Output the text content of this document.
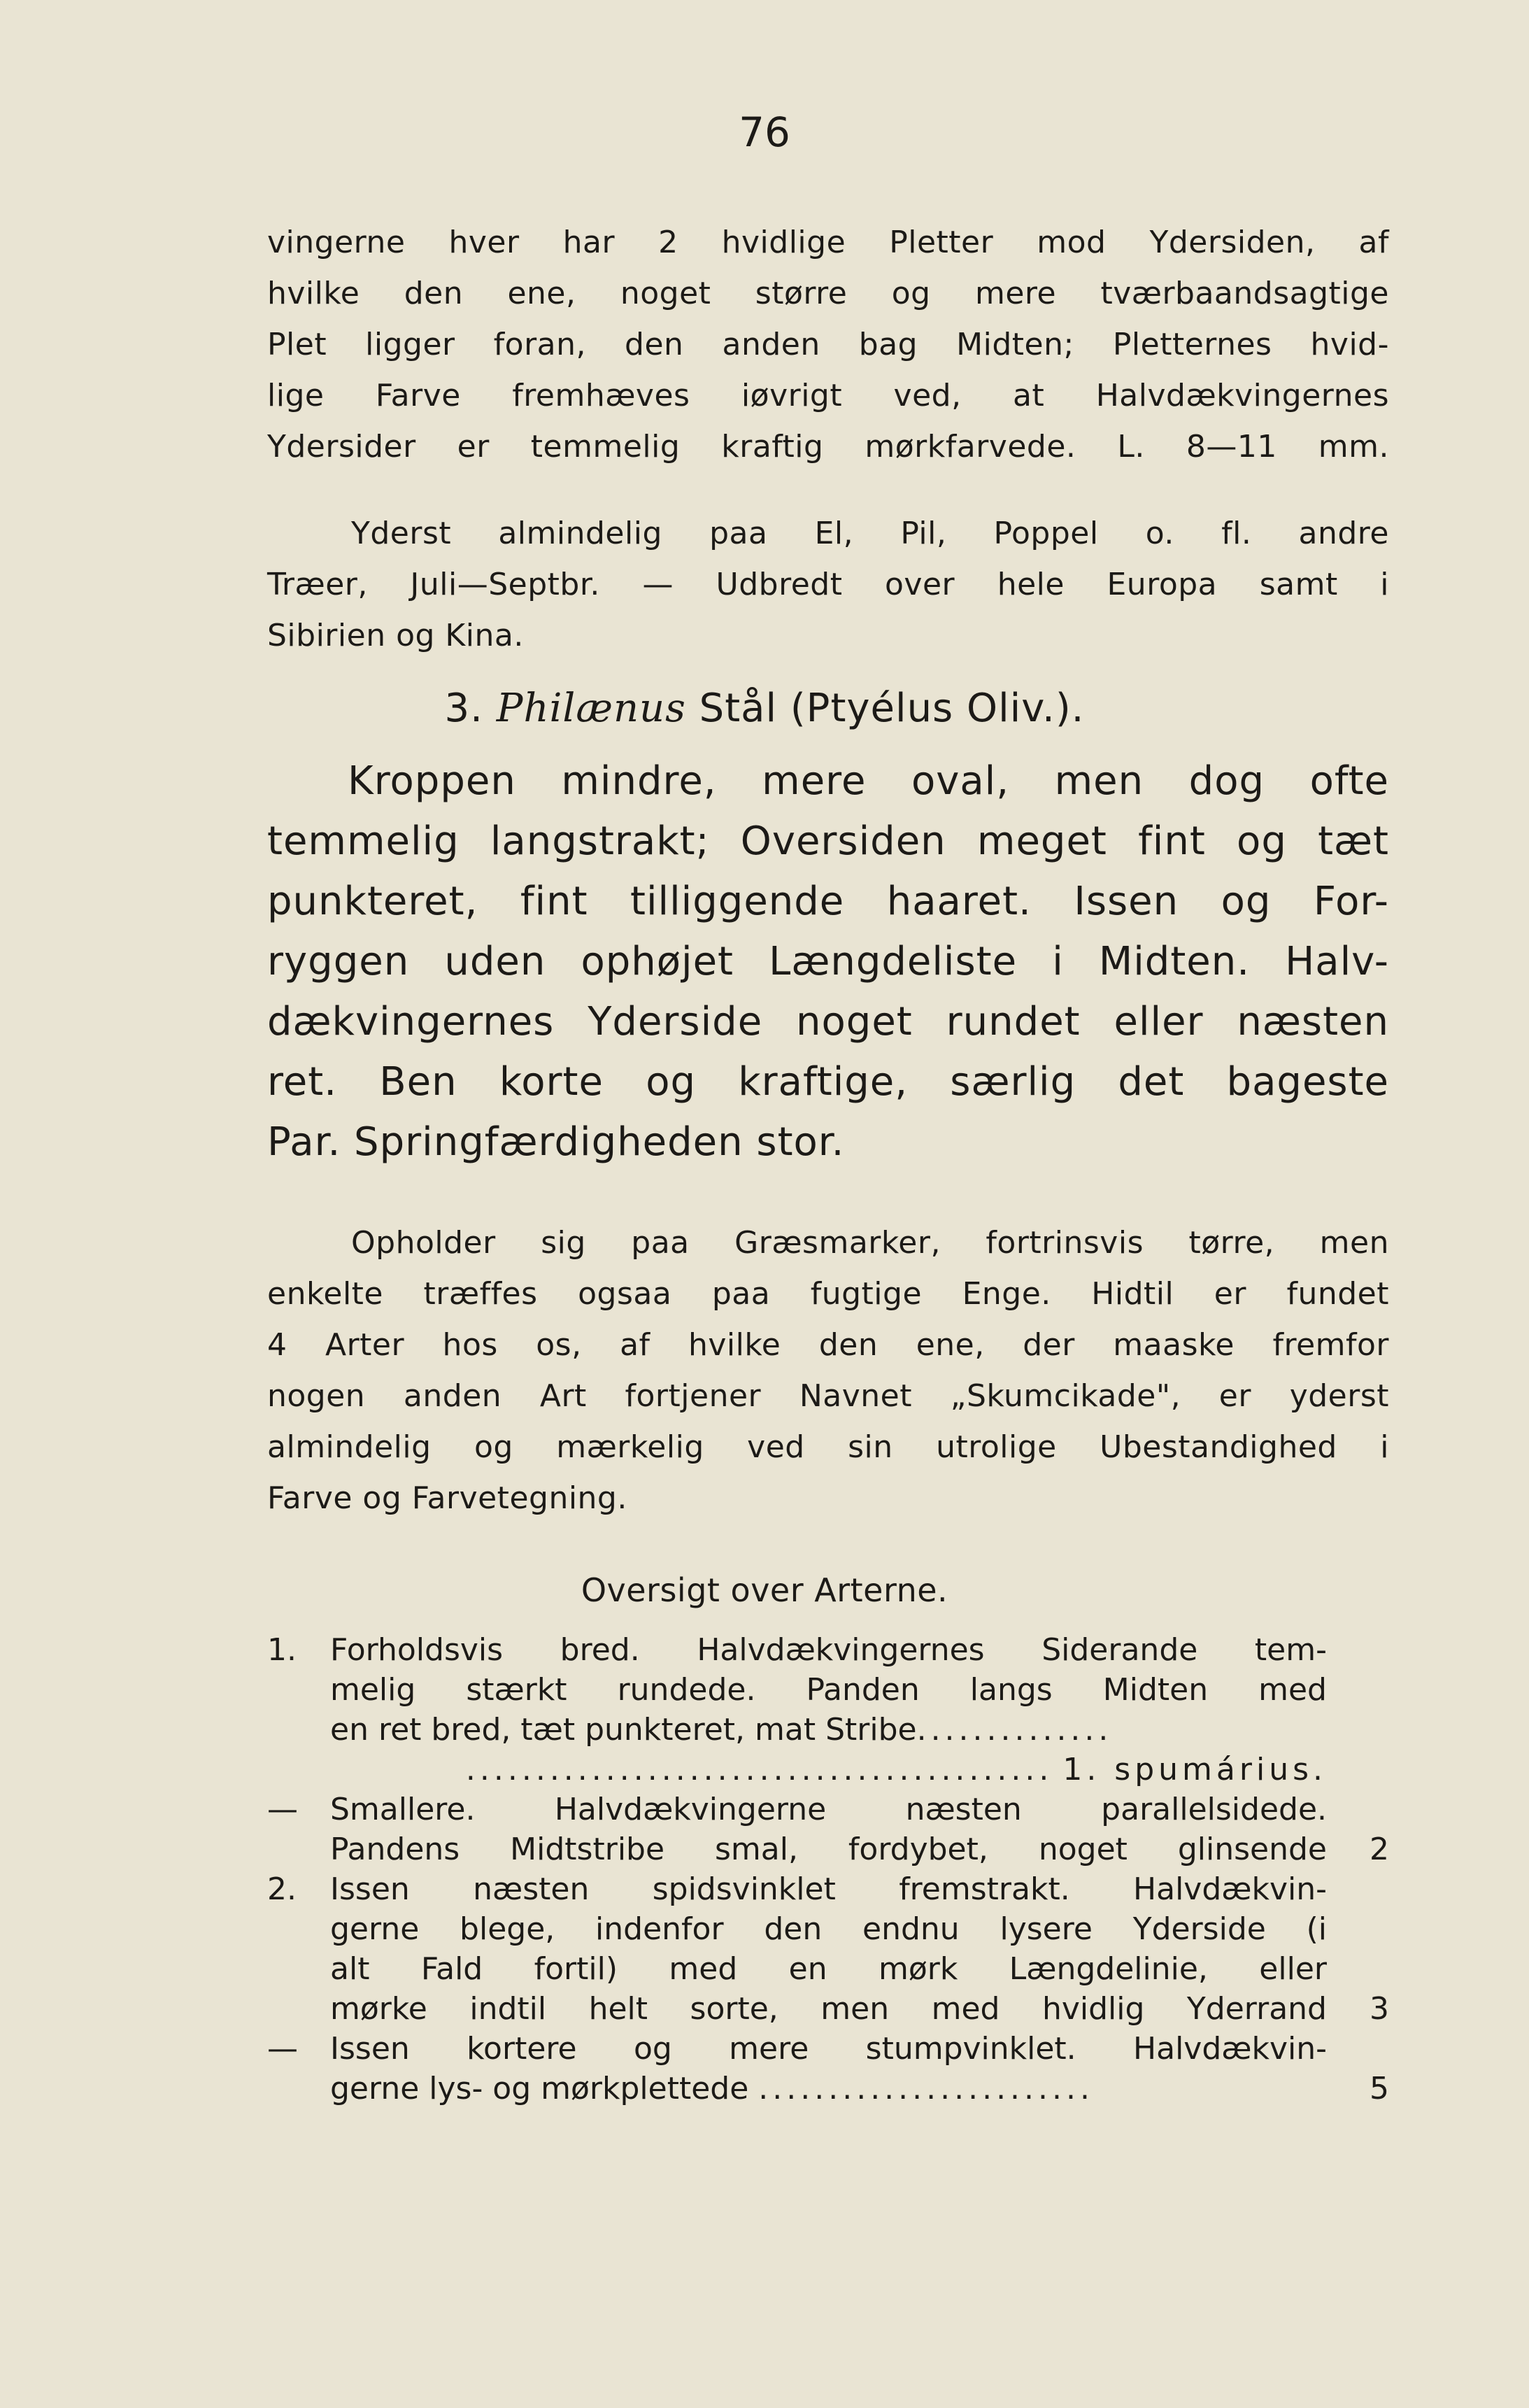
76
vingerne hver har 2 hvidlige Pletter mod Ydersiden, af
hvilke den ene, noget større og mere tværbaandsagtige
Plet ligger foran, den anden bag Midten; Pletternes hvid-
lige Farve fremhæves iøvrigt ved, at Halvdækvingernes
Ydersider er temmelig kraftig mørkfarvede. L. 8—11 mm.
Yderst almindelig paa El, Pil, Poppel o. fl. andre
Træer, Juli—Septbr. — Udbredt over hele Europa samt i
Sibirien og Kina.
3. Philænus Stål (Ptyélus Oliv.).
Kroppen mindre, mere oval, men dog ofte
temmelig langstrakt; Oversiden meget fint og tæt
punkteret, fint tilliggende haaret. Issen og For-
ryggen uden ophøjet Længdeliste i Midten. Halv-
dækvingernes Yderside noget rundet eller næsten
ret. Ben korte og kraftige, særlig det bageste
Par. Springfærdigheden stor.
Opholder sig paa Græsmarker, fortrinsvis tørre, men
enkelte træffes ogsaa paa fugtige Enge. Hidtil er fundet
4 Arter hos os, af hvilke den ene, der maaske fremfor
nogen anden Art fortjener Navnet „Skumcikade", er yderst
almindelig og mærkelig ved sin utrolige Ubestandighed i
Farve og Farvetegning.
Oversigt over Arterne.
1.	Forholdsvis bred. Halvdækvingernes Siderande tem-
melig stærkt rundede. Panden langs Midten med
en ret bred, tæt punkteret, mat Stribe..............
.......................................... 1. spumárius.
—	Smallere. Halvdækvingerne næsten parallelsidede.
Pandens Midtstribe smal, fordybet, noget glinsende	2
2.	Issen næsten spidsvinklet fremstrakt. Halvdækvin-
gerne blege, indenfor den endnu lysere Yderside (i
alt Fald fortil) med en mørk Længdelinie, eller
mørke indtil helt sorte, men med hvidlig Yderrand	3
—	Issen kortere og mere stumpvinklet. Halvdækvin-
gerne lys- og mørkplettede ........................	5
